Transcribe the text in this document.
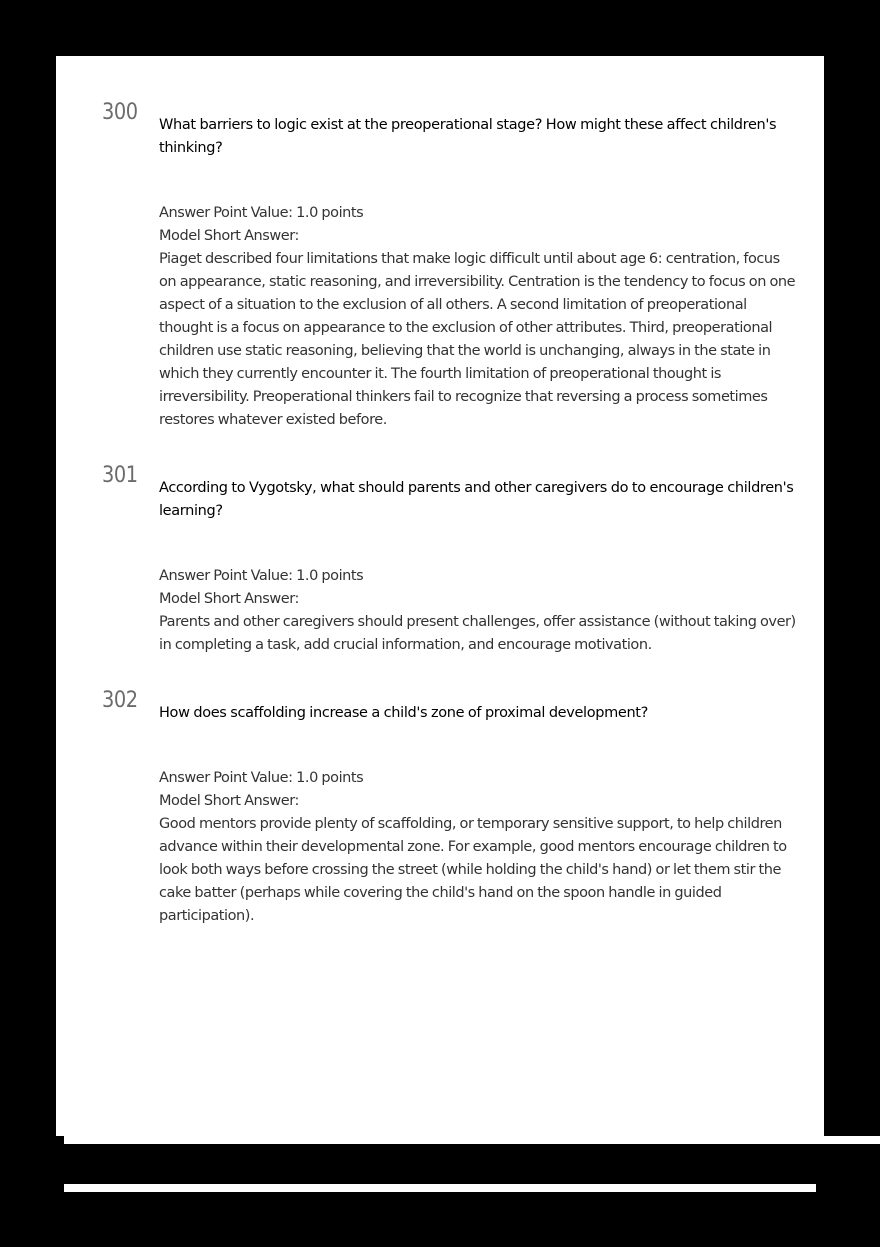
300 What barriers to logic exist at the preoperational stage? How might these affect children's thinking?
Answer Point Value: 1.0 points
Model Short Answer:
Piaget described four limitations that make logic difficult until about age 6: centration, focus on appearance, static reasoning, and irreversibility. Centration is the tendency to focus on one aspect of a situation to the exclusion of all others. A second limitation of preoperational thought is a focus on appearance to the exclusion of other attributes. Third, preoperational children use static reasoning, believing that the world is unchanging, always in the state in which they currently encounter it. The fourth limitation of preoperational thought is irreversibility. Preoperational thinkers fail to recognize that reversing a process sometimes restores whatever existed before.
301 According to Vygotsky, what should parents and other caregivers do to encourage children's learning?
Answer Point Value: 1.0 points
Model Short Answer:
Parents and other caregivers should present challenges, offer assistance (without taking over) in completing a task, add crucial information, and encourage motivation.
302 How does scaffolding increase a child's zone of proximal development?
Answer Point Value: 1.0 points
Model Short Answer:
Good mentors provide plenty of scaffolding, or temporary sensitive support, to help children advance within their developmental zone. For example, good mentors encourage children to look both ways before crossing the street (while holding the child's hand) or let them stir the cake batter (perhaps while covering the child's hand on the spoon handle in guided participation).
